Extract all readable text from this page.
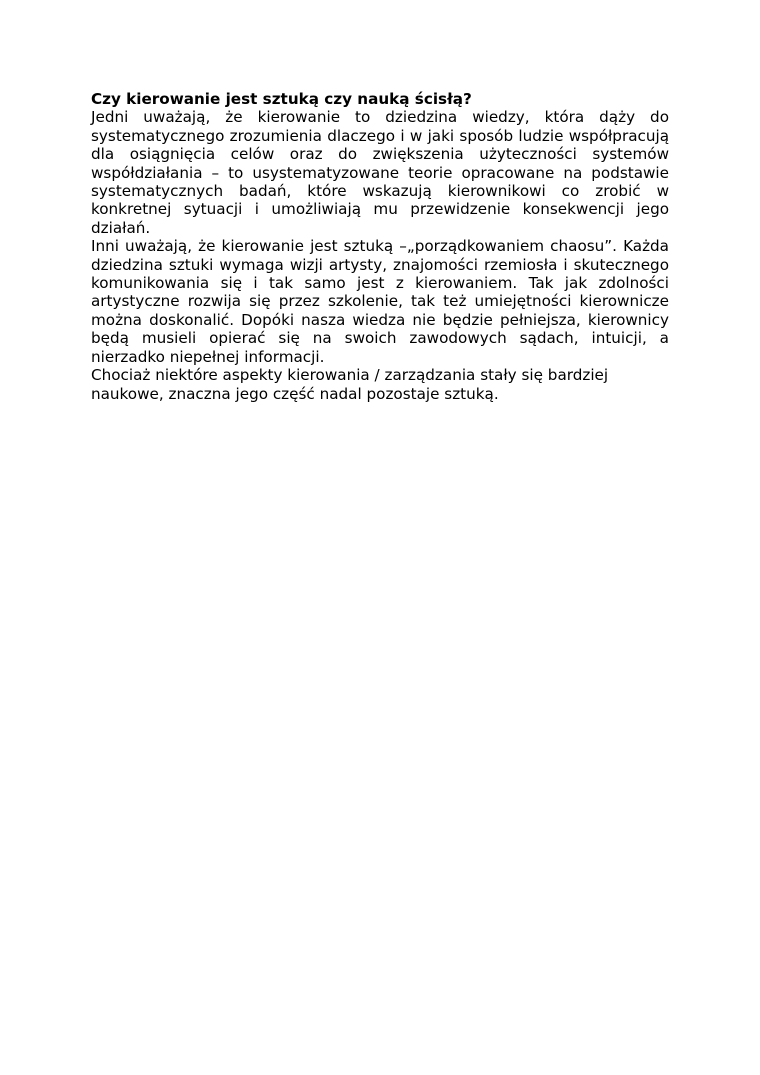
Czy kierowanie jest sztuką czy nauką ścisłą?

Jedni uważają, że kierowanie to dziedzina wiedzy, która dąży do systematycznego zrozumienia dlaczego i w jaki sposób ludzie współpracują dla osiągnięcia celów oraz do zwiększenia użyteczności systemów współdziałania – to usystematyzowane teorie opracowane na podstawie systematycznych badań, które wskazują kierownikowi co zrobić w konkretnej sytuacji i umożliwiają mu przewidzenie konsekwencji jego działań.

Inni uważają, że kierowanie jest sztuką –„porządkowaniem chaosu”. Każda dziedzina sztuki wymaga wizji artysty, znajomości rzemiosła i skutecznego komunikowania się i tak samo jest z kierowaniem. Tak jak zdolności artystyczne rozwija się przez szkolenie, tak też umiejętności kierownicze można doskonalić. Dopóki nasza wiedza nie będzie pełniejsza, kierownicy będą musieli opierać się na swoich zawodowych sądach, intuicji, a nierzadko niepełnej informacji.

Chociaż niektóre aspekty kierowania / zarządzania stały się bardziej naukowe, znaczna jego część nadal pozostaje sztuką.
